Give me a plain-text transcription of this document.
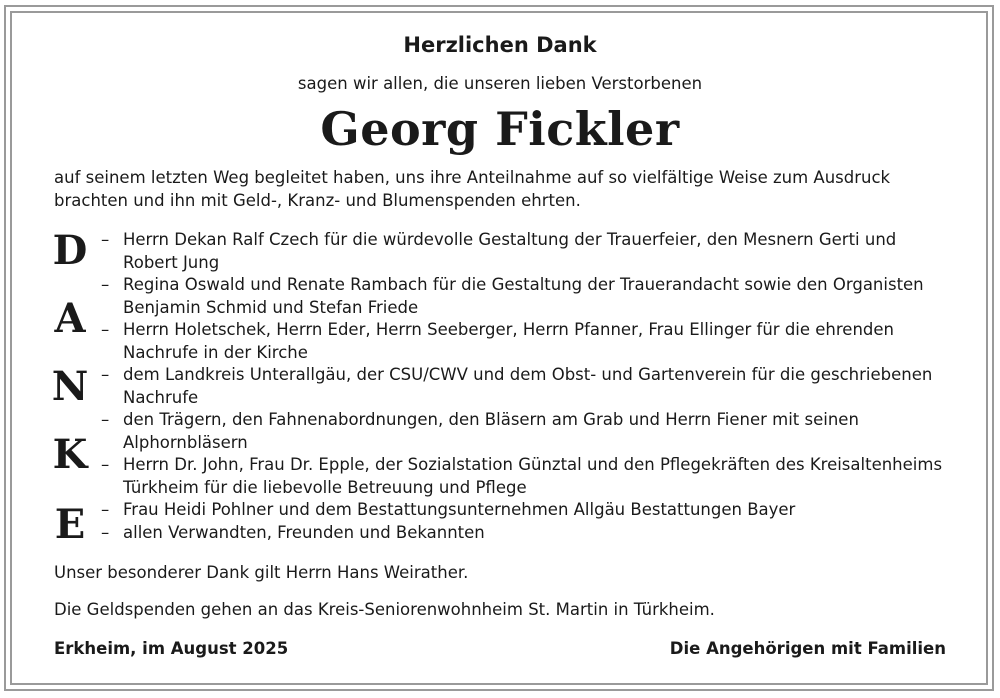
Herzlichen Dank
sagen wir allen, die unseren lieben Verstorbenen
Georg Fickler
auf seinem letzten Weg begleitet haben, uns ihre Anteilnahme auf so vielfältige Weise zum Ausdruck brachten und ihn mit Geld-, Kranz- und Blumenspenden ehrten.
D
A
N
K
E
– Herrn Dekan Ralf Czech für die würdevolle Gestaltung der Trauerfeier, den Mesnern Gerti und Robert Jung
– Regina Oswald und Renate Rambach für die Gestaltung der Trauerandacht sowie den Organisten Benjamin Schmid und Stefan Friede
– Herrn Holetschek, Herrn Eder, Herrn Seeberger, Herrn Pfanner, Frau Ellinger für die ehrenden Nachrufe in der Kirche
– dem Landkreis Unterallgäu, der CSU/CWV und dem Obst- und Gartenverein für die geschriebenen Nachrufe
– den Trägern, den Fahnenabordnungen, den Bläsern am Grab und Herrn Fiener mit seinen Alphornbläsern
– Herrn Dr. John, Frau Dr. Epple, der Sozialstation Günztal und den Pflegekräften des Kreisaltenheims Türkheim für die liebevolle Betreuung und Pflege
– Frau Heidi Pohlner und dem Bestattungsunternehmen Allgäu Bestattungen Bayer
– allen Verwandten, Freunden und Bekannten
Unser besonderer Dank gilt Herrn Hans Weirather.
Die Geldspenden gehen an das Kreis-Seniorenwohnheim St. Martin in Türkheim.
Erkheim, im August 2025	Die Angehörigen mit Familien
